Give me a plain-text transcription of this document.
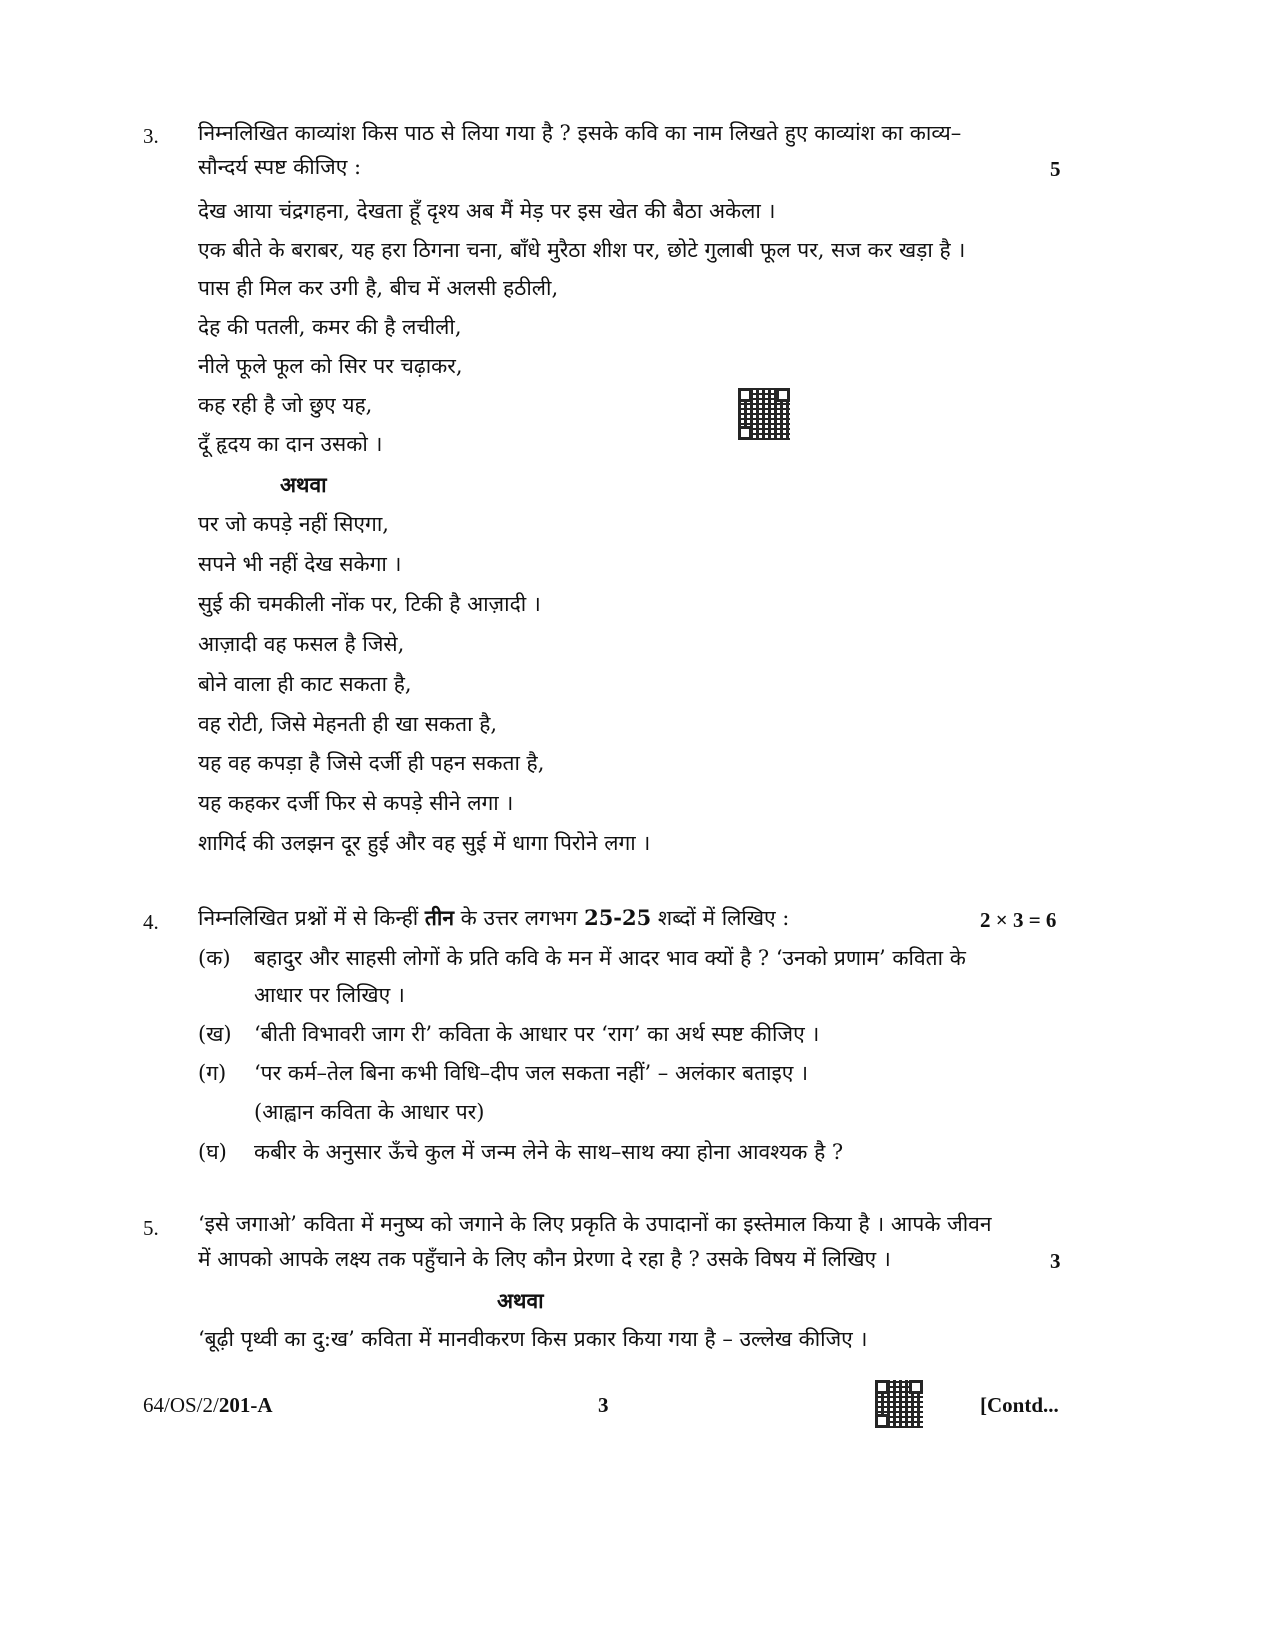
3. निम्नलिखित काव्यांश किस पाठ से लिया गया है ? इसके कवि का नाम लिखते हुए काव्यांश का काव्य–
सौन्दर्य स्पष्ट कीजिए :	5
देख आया चंद्रगहना, देखता हूँ दृश्य अब मैं मेड़ पर इस खेत की बैठा अकेला ।
एक बीते के बराबर, यह हरा ठिगना चना, बाँधे मुरैठा शीश पर, छोटे गुलाबी फूल पर, सज कर खड़ा है ।
पास ही मिल कर उगी है, बीच में अलसी हठीली,
देह की पतली, कमर की है लचीली,
नीले फूले फूल को सिर पर चढ़ाकर,
कह रही है जो छुए यह,
दूँ हृदय का दान उसको ।
अथवा
पर जो कपड़े नहीं सिएगा,
सपने भी नहीं देख सकेगा ।
सुई की चमकीली नोंक पर, टिकी है आज़ादी ।
आज़ादी वह फसल है जिसे,
बोने वाला ही काट सकता है,
वह रोटी, जिसे मेहनती ही खा सकता है,
यह वह कपड़ा है जिसे दर्जी ही पहन सकता है,
यह कहकर दर्जी फिर से कपड़े सीने लगा ।
शागिर्द की उलझन दूर हुई और वह सुई में धागा पिरोने लगा ।
4. निम्नलिखित प्रश्नों में से किन्हीं तीन के उत्तर लगभग 25-25 शब्दों में लिखिए :	2 × 3 = 6
(क) बहादुर और साहसी लोगों के प्रति कवि के मन में आदर भाव क्यों है ? ‘उनको प्रणाम’ कविता के
आधार पर लिखिए ।
(ख) ‘बीती विभावरी जाग री’ कविता के आधार पर ‘राग’ का अर्थ स्पष्ट कीजिए ।
(ग) ‘पर कर्म–तेल बिना कभी विधि–दीप जल सकता नहीं’ – अलंकार बताइए ।
(आह्वान कविता के आधार पर)
(घ) कबीर के अनुसार ऊँचे कुल में जन्म लेने के साथ–साथ क्या होना आवश्यक है ?
5. ‘इसे जगाओ’ कविता में मनुष्य को जगाने के लिए प्रकृति के उपादानों का इस्तेमाल किया है । आपके जीवन
में आपको आपके लक्ष्य तक पहुँचाने के लिए कौन प्रेरणा दे रहा है ? उसके विषय में लिखिए ।	3
अथवा
‘बूढ़ी पृथ्वी का दु:ख’ कविता में मानवीकरण किस प्रकार किया गया है – उल्लेख कीजिए ।
64/OS/2/201-A	3	[Contd...
